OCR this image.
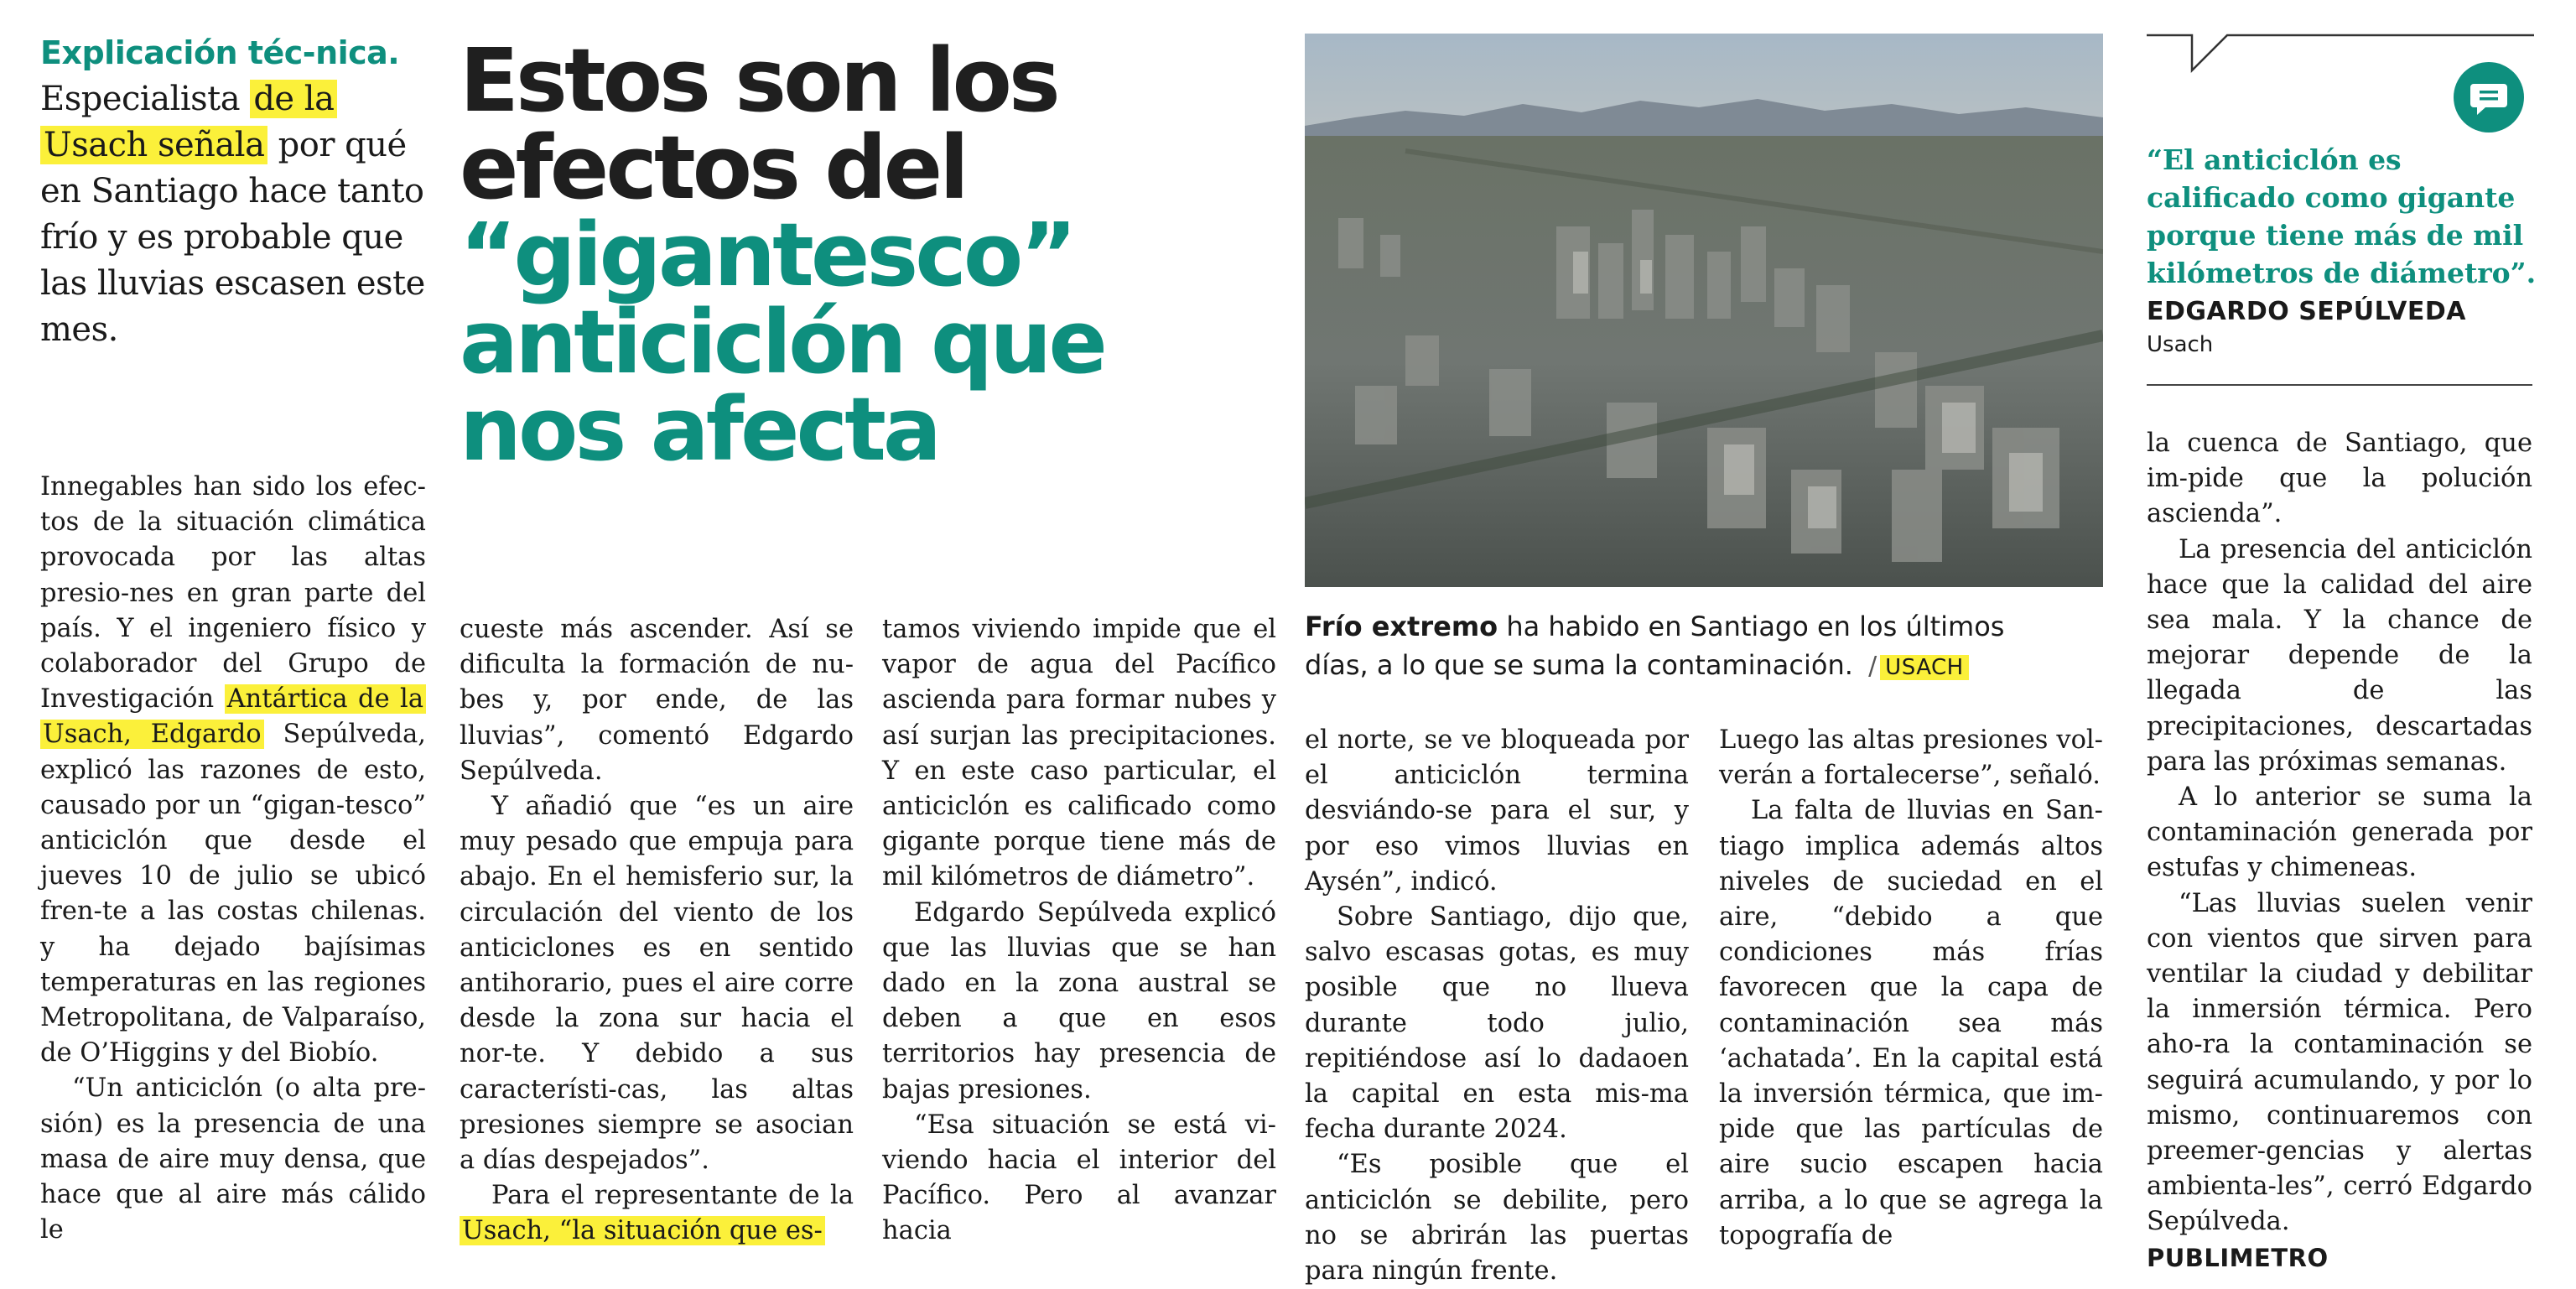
Explicación téc-nica. Especialista de la Usach señala por qué en Santiago hace tanto frío y es probable que las lluvias escasen este mes.
Estos son los
efectos del
“gigantesco”
anticiclón que
nos afecta
Frío extremo ha habido en Santiago en los últimos días, a lo que se suma la contaminación. / USACH
“El anticiclón es calificado como gigante porque tiene más de mil kilómetros de diámetro”.
EDGARDO SEPÚLVEDA
Usach

Innegables han sido los efec-tos de la situación climática provocada por las altas presio-nes en gran parte del país. Y el ingeniero físico y colaborador del Grupo de Investigación Antártica de la Usach, Edgardo Sepúlveda, explicó las razones de esto, causado por un “gigan-tesco” anticiclón que desde el jueves 10 de julio se ubicó fren-te a las costas chilenas. y ha dejado bajísimas temperaturas en las regiones Metropolitana, de Valparaíso, de O’Higgins y del Biobío.

“Un anticiclón (o alta pre-sión) es la presencia de una masa de aire muy densa, que hace que al aire más cálido le

cueste más ascender. Así se dificulta la formación de nu-bes y, por ende, de las lluvias”, comentó Edgardo Sepúlveda.

Y añadió que “es un aire muy pesado que empuja para abajo. En el hemisferio sur, la circulación del viento de los anticiclones es en sentido antihorario, pues el aire corre desde la zona sur hacia el nor-te. Y debido a sus característi-cas, las altas presiones siempre se asocian a días despejados”.

Para el representante de la Usach, “la situación que es-

tamos viviendo impide que el vapor de agua del Pacífico ascienda para formar nubes y así surjan las precipitaciones. Y en este caso particular, el anticiclón es calificado como gigante porque tiene más de mil kilómetros de diámetro”.

Edgardo Sepúlveda explicó que las lluvias que se han dado en la zona austral se deben a que en esos territorios hay presencia de bajas presiones.

“Esa situación se está vi-viendo hacia el interior del Pacífico. Pero al avanzar hacia

el norte, se ve bloqueada por el anticiclón termina desviándo-se para el sur, y por eso vimos lluvias en Aysén”, indicó.

Sobre Santiago, dijo que, salvo escasas gotas, es muy posible que no llueva durante todo julio, repitiéndose así lo dadaoen la capital en esta mis-ma fecha durante 2024.

“Es posible que el anticiclón se debilite, pero no se abrirán las puertas para ningún frente.

Luego las altas presiones vol-verán a fortalecerse”, señaló.

La falta de lluvias en San-tiago implica además altos niveles de suciedad en el aire, “debido a que condiciones más frías favorecen que la capa de contaminación sea más ‘achatada’. En la capital está la inversión térmica, que im-pide que las partículas de aire sucio escapen hacia arriba, a lo que se agrega la topografía de

la cuenca de Santiago, que im-pide que la polución ascienda”.

La presencia del anticiclón hace que la calidad del aire sea mala. Y la chance de mejorar depende de la llegada de las precipitaciones, descartadas para las próximas semanas.

A lo anterior se suma la contaminación generada por estufas y chimeneas.

“Las lluvias suelen venir con vientos que sirven para ventilar la ciudad y debilitar la inmersión térmica. Pero aho-ra la contaminación se seguirá acumulando, y por lo mismo, continuaremos con preemer-gencias y alertas ambienta-les”, cerró Edgardo Sepúlveda.

PUBLIMETRO
